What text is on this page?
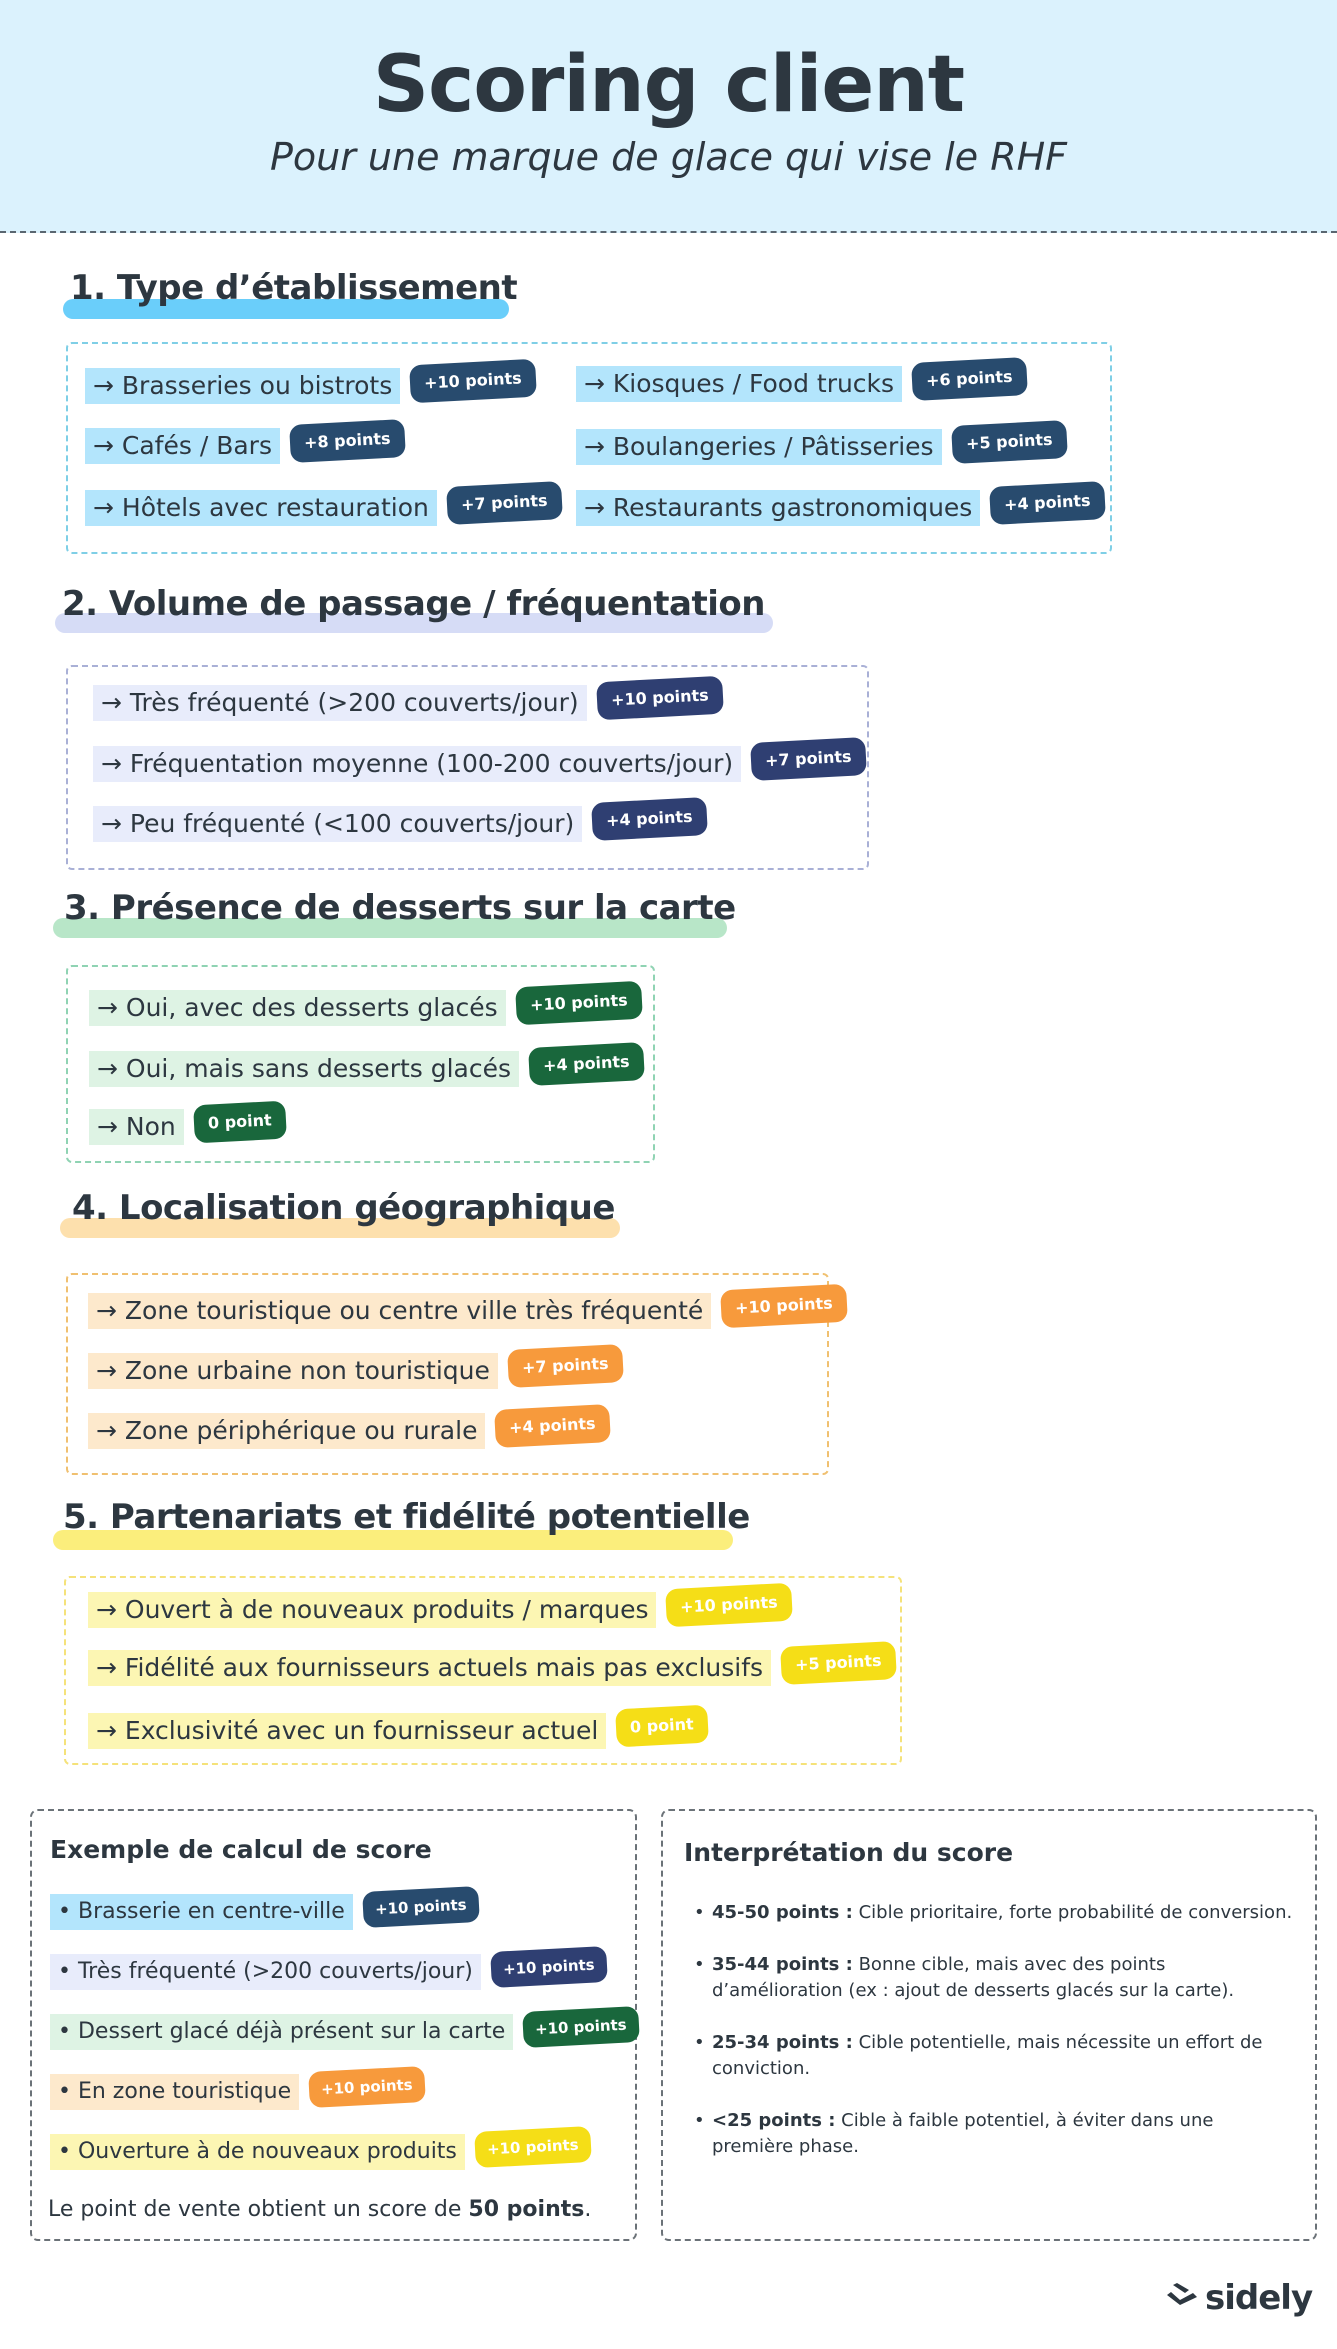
Scoring client
Pour une marque de glace qui vise le RHF
1. Type d’établissement
→ Brasseries ou bistrots	+10 points
→ Cafés / Bars	+8 points
→ Hôtels avec restauration	+7 points
→ Kiosques / Food trucks	+6 points
→ Boulangeries / Pâtisseries	+5 points
→ Restaurants gastronomiques	+4 points
2. Volume de passage / fréquentation
→ Très fréquenté (>200 couverts/jour)	+10 points
→ Fréquentation moyenne (100-200 couverts/jour)	+7 points
→ Peu fréquenté (<100 couverts/jour)	+4 points
3. Présence de desserts sur la carte
→ Oui, avec des desserts glacés	+10 points
→ Oui, mais sans desserts glacés	+4 points
→ Non	0 point
4. Localisation géographique
→ Zone touristique ou centre ville très fréquenté	+10 points
→ Zone urbaine non touristique	+7 points
→ Zone périphérique ou rurale	+4 points
5. Partenariats et fidélité potentielle
→ Ouvert à de nouveaux produits / marques	+10 points
→ Fidélité aux fournisseurs actuels mais pas exclusifs	+5 points
→ Exclusivité avec un fournisseur actuel	0 point
Exemple de calcul de score
• Brasserie en centre-ville	+10 points
• Très fréquenté (>200 couverts/jour)	+10 points
• Dessert glacé déjà présent sur la carte	+10 points
• En zone touristique	+10 points
• Ouverture à de nouveaux produits	+10 points
Le point de vente obtient un score de 50 points.
Interprétation du score
• 45-50 points : Cible prioritaire, forte probabilité de conversion.
• 35-44 points : Bonne cible, mais avec des points d’amélioration (ex : ajout de desserts glacés sur la carte).
• 25-34 points : Cible potentielle, mais nécessite un effort de conviction.
• <25 points : Cible à faible potentiel, à éviter dans une première phase.
sidely
